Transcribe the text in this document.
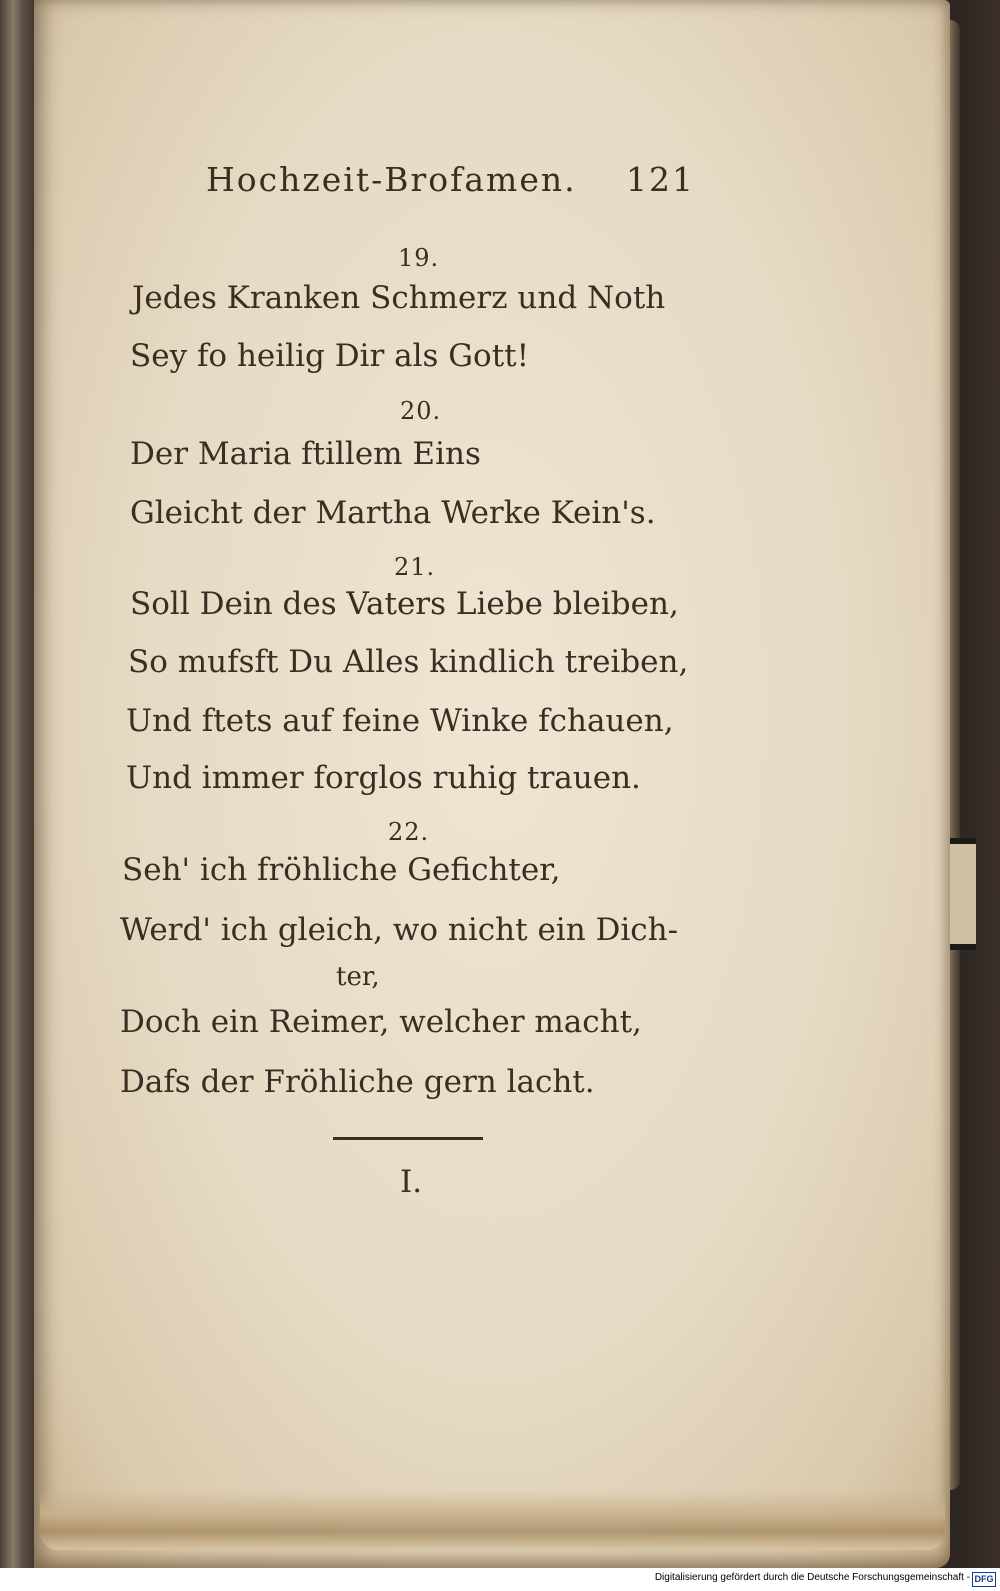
Hochzeit-Brofamen. 121
19.
Jedes Kranken Schmerz und Noth
Sey fo heilig Dir als Gott!
20.
Der Maria ftillem Eins
Gleicht der Martha Werke Kein's.
21.
Soll Dein des Vaters Liebe bleiben,
So mufsft Du Alles kindlich treiben,
Und ftets auf feine Winke fchauen,
Und immer forglos ruhig trauen.
22.
Seh' ich fröhliche Gefichter,
Werd' ich gleich, wo nicht ein Dich-
ter,
Doch ein Reimer, welcher macht,
Dafs der Fröhliche gern lacht.
I.
Digitalisierung gefördert durch die Deutsche Forschungsgemeinschaft - DFG
